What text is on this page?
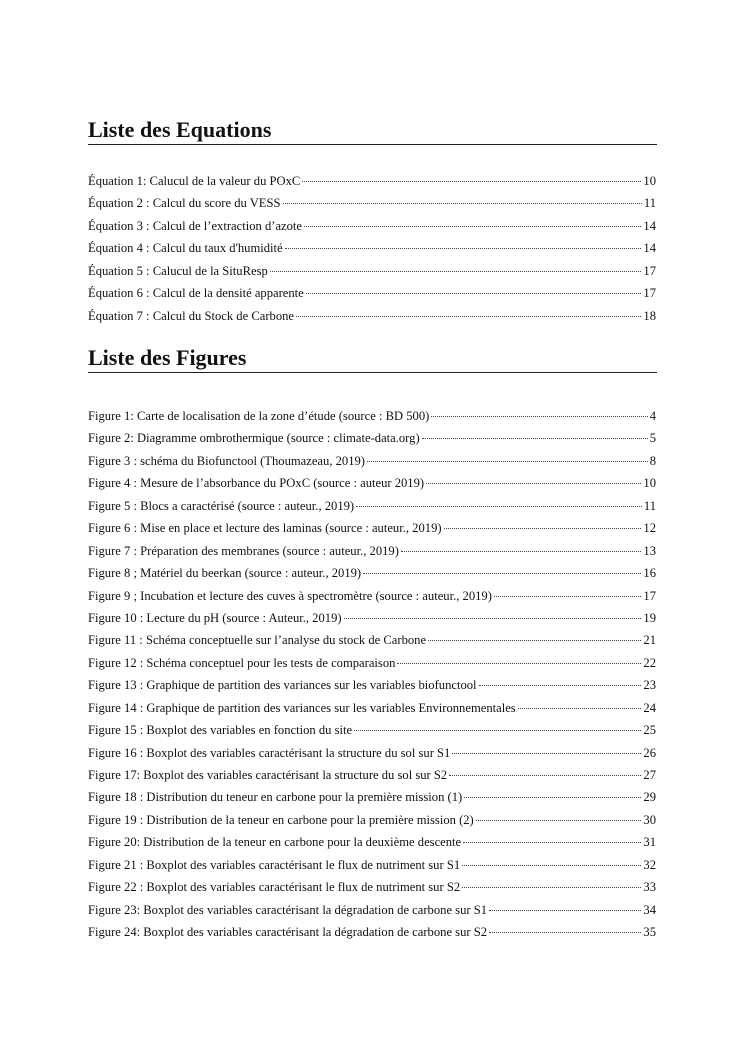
Liste des Equations
Équation 1: Calucul de la valeur du POxC	10
Équation 2 : Calcul du score du VESS	11
Équation 3 : Calcul de l’extraction d’azote	14
Équation 4 : Calcul du taux d'humidité	14
Équation 5 : Calucul de la SituResp	17
Équation 6 : Calcul de la densité apparente	17
Équation 7 : Calcul du Stock de Carbone	18
Liste des Figures
Figure 1: Carte de localisation de la zone d’étude (source : BD 500)	4
Figure 2: Diagramme ombrothermique (source : climate-data.org)	5
Figure 3 : schéma du Biofunctool (Thoumazeau, 2019)	8
Figure 4 : Mesure de l’absorbance du POxC (source : auteur 2019)	10
Figure 5 : Blocs a caractérisé (source : auteur., 2019)	11
Figure 6 : Mise en place et lecture des laminas (source : auteur., 2019)	12
Figure 7 : Préparation des membranes (source : auteur., 2019)	13
Figure 8 ; Matériel du beerkan (source : auteur., 2019)	16
Figure 9 ; Incubation et lecture des cuves à spectromètre (source : auteur., 2019)	17
Figure 10 : Lecture du pH (source : Auteur., 2019)	19
Figure 11 : Schéma conceptuelle sur l’analyse du stock de Carbone	21
Figure 12 : Schéma conceptuel pour les tests de comparaison	22
Figure 13 : Graphique de partition des variances sur les variables biofunctool	23
Figure 14 : Graphique de partition des variances sur les variables Environnementales	24
Figure 15 : Boxplot des variables en fonction du site	25
Figure 16 : Boxplot des variables caractérisant la structure du sol sur S1	26
Figure 17: Boxplot des variables caractérisant la structure du sol sur S2	27
Figure 18 : Distribution du teneur en carbone pour la première mission (1)	29
Figure 19 : Distribution de la teneur en carbone pour la première mission (2)	30
Figure 20: Distribution de la teneur en carbone pour la deuxième descente	31
Figure 21 : Boxplot des variables caractérisant le flux de nutriment sur S1	32
Figure 22 : Boxplot des variables caractérisant le flux de nutriment sur S2	33
Figure 23: Boxplot des variables caractérisant la dégradation de carbone sur S1	34
Figure 24: Boxplot des variables caractérisant la dégradation de carbone sur S2	35
